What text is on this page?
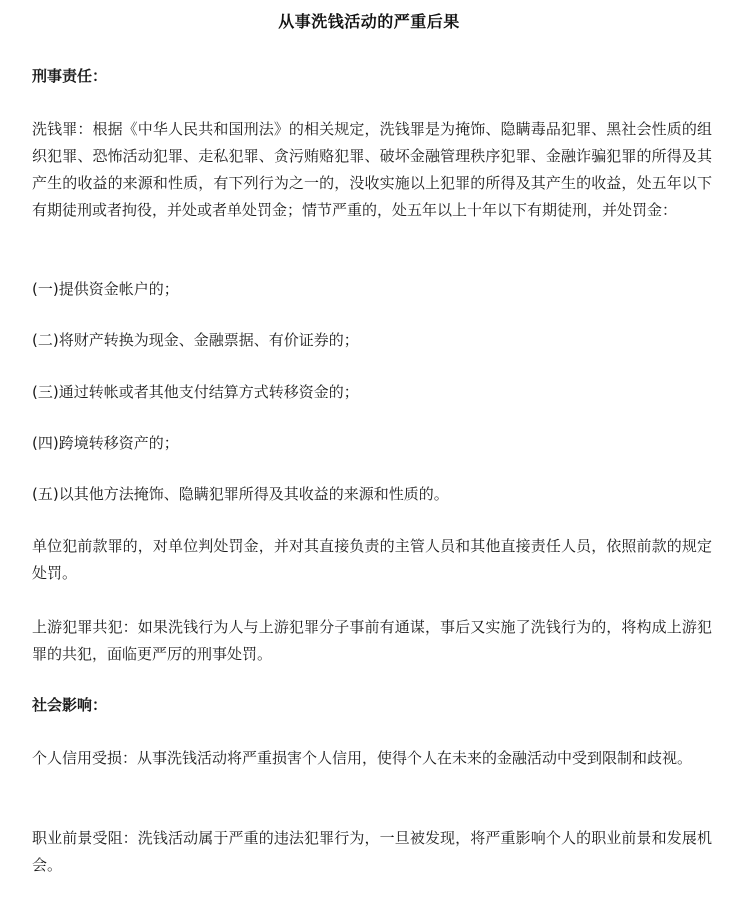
从事洗钱活动的严重后果

刑事责任：

洗钱罪：根据《中华人民共和国刑法》的相关规定，洗钱罪是为掩饰、隐瞒毒品犯罪、黑社会性质的组织犯罪、恐怖活动犯罪、走私犯罪、贪污贿赂犯罪、破坏金融管理秩序犯罪、金融诈骗犯罪的所得及其产生的收益的来源和性质，有下列行为之一的，没收实施以上犯罪的所得及其产生的收益，处五年以下有期徒刑或者拘役，并处或者单处罚金；情节严重的，处五年以上十年以下有期徒刑，并处罚金：

(一)提供资金帐户的；

(二)将财产转换为现金、金融票据、有价证券的；

(三)通过转帐或者其他支付结算方式转移资金的；

(四)跨境转移资产的；

(五)以其他方法掩饰、隐瞒犯罪所得及其收益的来源和性质的。

单位犯前款罪的，对单位判处罚金，并对其直接负责的主管人员和其他直接责任人员，依照前款的规定处罚。

上游犯罪共犯：如果洗钱行为人与上游犯罪分子事前有通谋，事后又实施了洗钱行为的，将构成上游犯罪的共犯，面临更严厉的刑事处罚。

社会影响：

个人信用受损：从事洗钱活动将严重损害个人信用，使得个人在未来的金融活动中受到限制和歧视。

职业前景受阻：洗钱活动属于严重的违法犯罪行为，一旦被发现，将严重影响个人的职业前景和发展机会。
